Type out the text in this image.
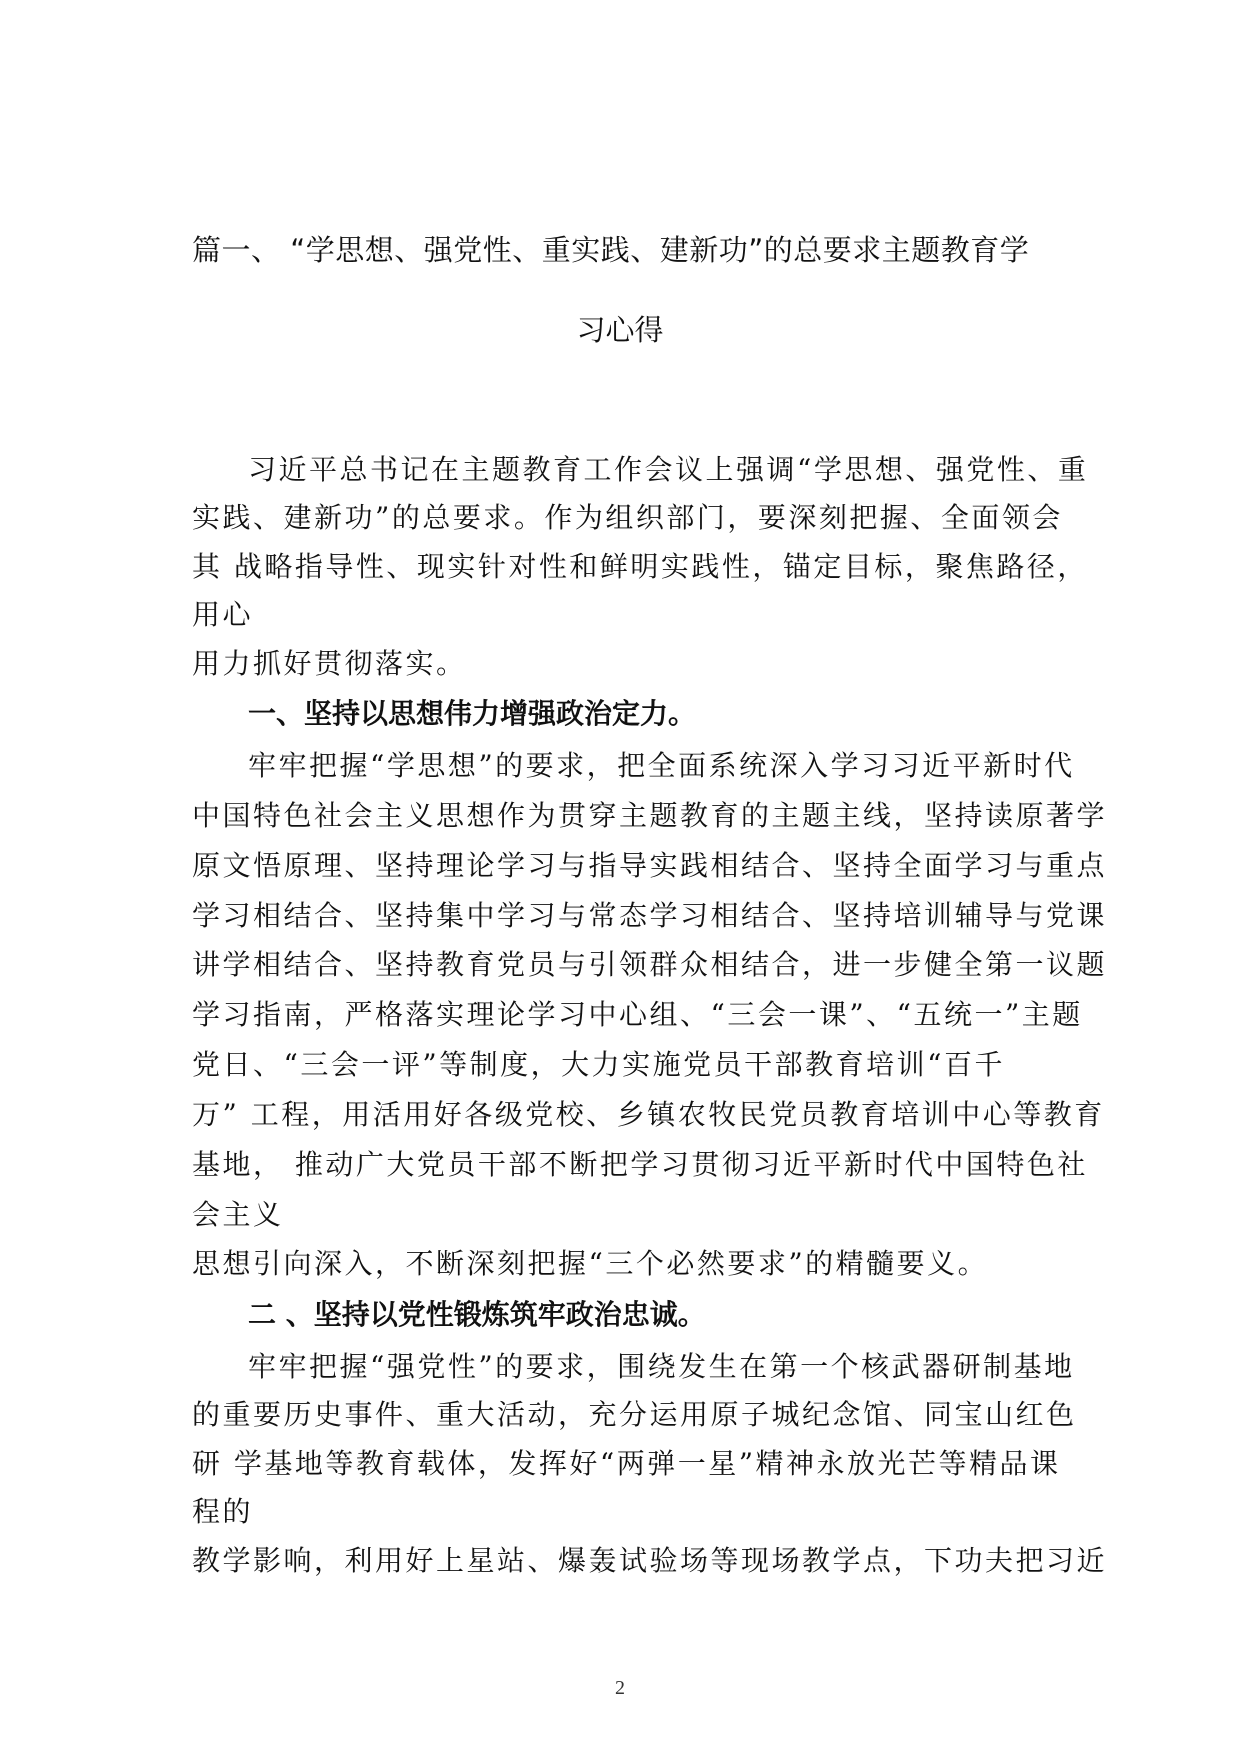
篇一、 “学思想、强党性、重实践、建新功”的总要求主题教育学
习心得

习近平总书记在主题教育工作会议上强调“学思想、强党性、重

实践、建新功”的总要求。作为组织部门，要深刻把握、全面领会

其 战略指导性、现实针对性和鲜明实践性，锚定目标，聚焦路径，

用心

用力抓好贯彻落实。

一、坚持以思想伟力增强政治定力。

牢牢把握“学思想”的要求，把全面系统深入学习习近平新时代

中国特色社会主义思想作为贯穿主题教育的主题主线，坚持读原著学

原文悟原理、坚持理论学习与指导实践相结合、坚持全面学习与重点

学习相结合、坚持集中学习与常态学习相结合、坚持培训辅导与党课

讲学相结合、坚持教育党员与引领群众相结合，进一步健全第一议题

学习指南，严格落实理论学习中心组、“三会一课”、“五统一”主题

党日、“三会一评”等制度，大力实施党员干部教育培训“百千

万” 工程，用活用好各级党校、乡镇农牧民党员教育培训中心等教育

基地， 推动广大党员干部不断把学习贯彻习近平新时代中国特色社

会主义

思想引向深入，不断深刻把握“三个必然要求”的精髓要义。

二 、坚持以党性锻炼筑牢政治忠诚。

牢牢把握“强党性”的要求，围绕发生在第一个核武器研制基地

的重要历史事件、重大活动，充分运用原子城纪念馆、同宝山红色

研 学基地等教育载体，发挥好“两弹一星”精神永放光芒等精品课

程的

教学影响，利用好上星站、爆轰试验场等现场教学点，下功夫把习近

2
